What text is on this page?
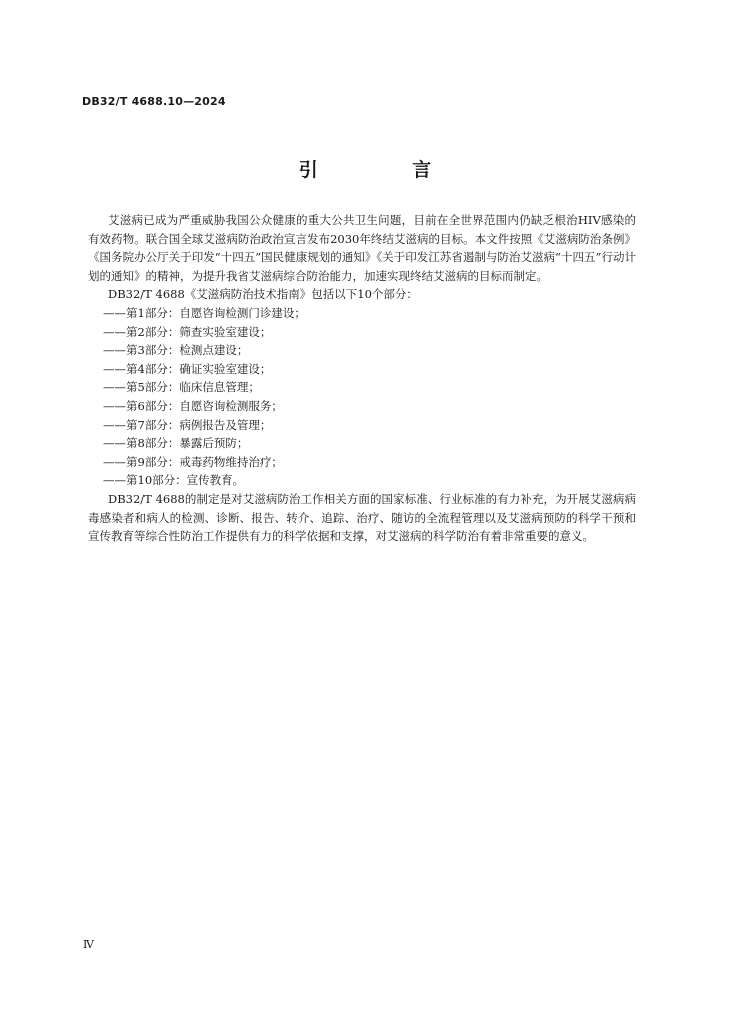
DB32/T 4688.10—2024
引 言

艾滋病已成为严重威胁我国公众健康的重大公共卫生问题，目前在全世界范围内仍缺乏根治HIV感染的有效药物。联合国全球艾滋病防治政治宣言发布2030年终结艾滋病的目标。本文件按照《艾滋病防治条例》《国务院办公厅关于印发“十四五”国民健康规划的通知》《关于印发江苏省遏制与防治艾滋病“十四五”行动计划的通知》的精神，为提升我省艾滋病综合防治能力，加速实现终结艾滋病的目标而制定。

DB32/T 4688《艾滋病防治技术指南》包括以下10个部分：

——第1部分：自愿咨询检测门诊建设；

——第2部分：筛查实验室建设；

——第3部分：检测点建设；

——第4部分：确证实验室建设；

——第5部分：临床信息管理；

——第6部分：自愿咨询检测服务；

——第7部分：病例报告及管理；

——第8部分：暴露后预防；

——第9部分：戒毒药物维持治疗；

——第10部分：宣传教育。

DB32/T 4688的制定是对艾滋病防治工作相关方面的国家标准、行业标准的有力补充，为开展艾滋病病毒感染者和病人的检测、诊断、报告、转介、追踪、治疗、随访的全流程管理以及艾滋病预防的科学干预和宣传教育等综合性防治工作提供有力的科学依据和支撑，对艾滋病的科学防治有着非常重要的意义。

Ⅳ
